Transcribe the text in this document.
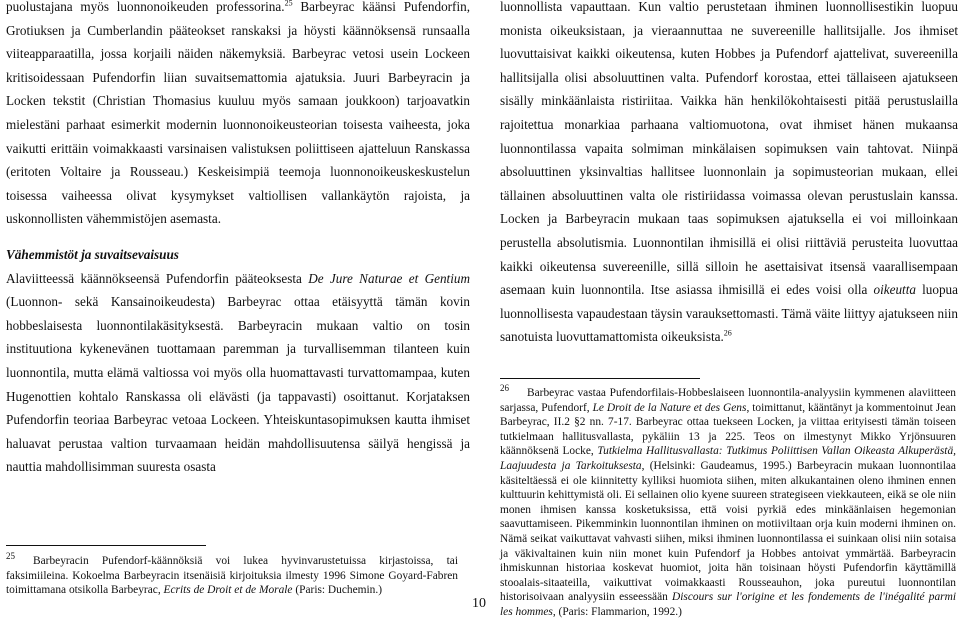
puolustajana myös luonnonoikeuden professorina.$^{25}$ Barbeyrac käänsi Pufendorfin, Grotiuksen ja Cumberlandin pääteokset ranskaksi ja höysti käännöksensä runsaalla viiteapparaatilla, jossa korjaili näiden näkemyksiä. Barbeyrac vetosi usein Lockeen kritisoidessaan Pufendorfin liian suvaitsemattomia ajatuksia. Juuri Barbeyracin ja Locken tekstit (Christian Thomasius kuuluu myös samaan joukkoon) tarjoavatkin mielestäni parhaat esimerkit modernin luonnonoikeusteorian toisesta vaiheesta, joka vaikutti erittäin voimakkaasti varsinaisen valistuksen poliittiseen ajatteluun Ranskassa (eritoten Voltaire ja Rousseau.) Keskeisimpiä teemoja luonnonoikeuskeskustelun toisessa vaiheessa olivat kysymykset valtiollisen vallankäytön rajoista, ja uskonnollisten vähemmistöjen asemasta.

Vähemmistöt ja suvaitsevaisuus

Alaviitteessä käännökseensä Pufendorfin pääteoksesta De Jure Naturae et Gentium (Luonnon- sekä Kansainoikeudesta) Barbeyrac ottaa etäisyyttä tämän kovin hobbeslaisesta luonnontilakäsityksestä. Barbeyracin mukaan valtio on tosin instituutiona kykenevänen tuottamaan paremman ja turvallisemman tilanteen kuin luonnontila, mutta elämä valtiossa voi myös olla huomattavasti turvattomampaa, kuten Hugenottien kohtalo Ranskassa oli elävästi (ja tappavasti) osoittanut. Korjataksen Pufendorfin teoriaa Barbeyrac vetoaa Lockeen. Yhteiskuntasopimuksen kautta ihmiset haluavat perustaa valtion turvaamaan heidän mahdollisuutensa säilyä hengissä ja nauttia mahdollisimman suuresta osasta

$^{25}$ Barbeyracin Pufendorf-käännöksiä voi lukea hyvinvarustetuissa kirjastoissa, tai faksimiileina. Kokoelma Barbeyracin itsenäisiä kirjoituksia ilmesty 1996 Simone Goyard-Fabren toimittamana otsikolla Barbeyrac, Ecrits de Droit et de Morale (Paris: Duchemin.)

luonnollista vapauttaan. Kun valtio perustetaan ihminen luonnollisestikin luopuu monista oikeuksistaan, ja vieraannuttaa ne suvereenille hallitsijalle. Jos ihmiset luovuttaisivat kaikki oikeutensa, kuten Hobbes ja Pufendorf ajattelivat, suvereenilla hallitsijalla olisi absoluuttinen valta. Pufendorf korostaa, ettei tällaiseen ajatukseen sisälly minkäänlaista ristiriitaa. Vaikka hän henkilökohtaisesti pitää perustuslailla rajoitettua monarkiaa parhaana valtiomuotona, ovat ihmiset hänen mukaansa luonnontilassa vapaita solmiman minkälaisen sopimuksen vain tahtovat. Niinpä absoluuttinen yksinvaltias hallitsee luonnonlain ja sopimusteorian mukaan, ellei tällainen absoluuttinen valta ole ristiriidassa voimassa olevan perustuslain kanssa. Locken ja Barbeyracin mukaan taas sopimuksen ajatuksella ei voi milloinkaan perustella absolutismia. Luonnontilan ihmisillä ei olisi riittäviä perusteita luovuttaa kaikki oikeutensa suvereenille, sillä silloin he asettaisivat itsensä vaarallisempaan asemaan kuin luonnontila. Itse asiassa ihmisillä ei edes voisi olla oikeutta luopua luonnollisesta vapaudestaan täysin varauksettomasti. Tämä väite liittyy ajatukseen niin sanotuista luovuttamattomista oikeuksista.$^{26}$

$^{26}$ Barbeyrac vastaa Pufendorfilais-Hobbeslaiseen luonnontila-analyysiin kymmenen alaviitteen sarjassa, Pufendorf, Le Droit de la Nature et des Gens, toimittanut, kääntänyt ja kommentoinut Jean Barbeyrac, II.2 §2 nn. 7-17. Barbeyrac ottaa tuekseen Locken, ja viittaa erityisesti tämän toiseen tutkielmaan hallitusvallasta, pykäliin 13 ja 225. Teos on ilmestynyt Mikko Yrjönsuuren käännöksenä Locke, Tutkielma Hallitusvallasta: Tutkimus Poliittisen Vallan Oikeasta Alkuperästä, Laajuudesta ja Tarkoituksesta, (Helsinki: Gaudeamus, 1995.) Barbeyracin mukaan luonnontilaa käsiteltäessä ei ole kiinnitetty kylliksi huomiota siihen, miten alkukantainen oleno ihminen ennen kulttuurin kehittymistä oli. Ei sellainen olio kyene suureen strategiseen viekkauteen, eikä se ole niin monen ihmisen kanssa kosketuksissa, että voisi pyrkiä edes minkäänlaisen hegemonian saavuttamiseen. Pikemminkin luonnontilan ihminen on motiiviltaan orja kuin moderni ihminen on. Nämä seikat vaikuttavat vahvasti siihen, miksi ihminen luonnontilassa ei suinkaan olisi niin sotaisa ja väkivaltainen kuin niin monet kuin Pufendorf ja Hobbes antoivat ymmärtää. Barbeyracin ihmiskunnan historiaa koskevat huomiot, joita hän toisinaan höysti Pufendorfin käyttämillä stooalais-sitaateilla, vaikuttivat voimakkaasti Rousseauhon, joka pureutui luonnontilan historisoivaan analyysiin esseessään Discours sur l'origine et les fondements de l'inégalité parmi les hommes, (Paris: Flammarion, 1992.)
10
